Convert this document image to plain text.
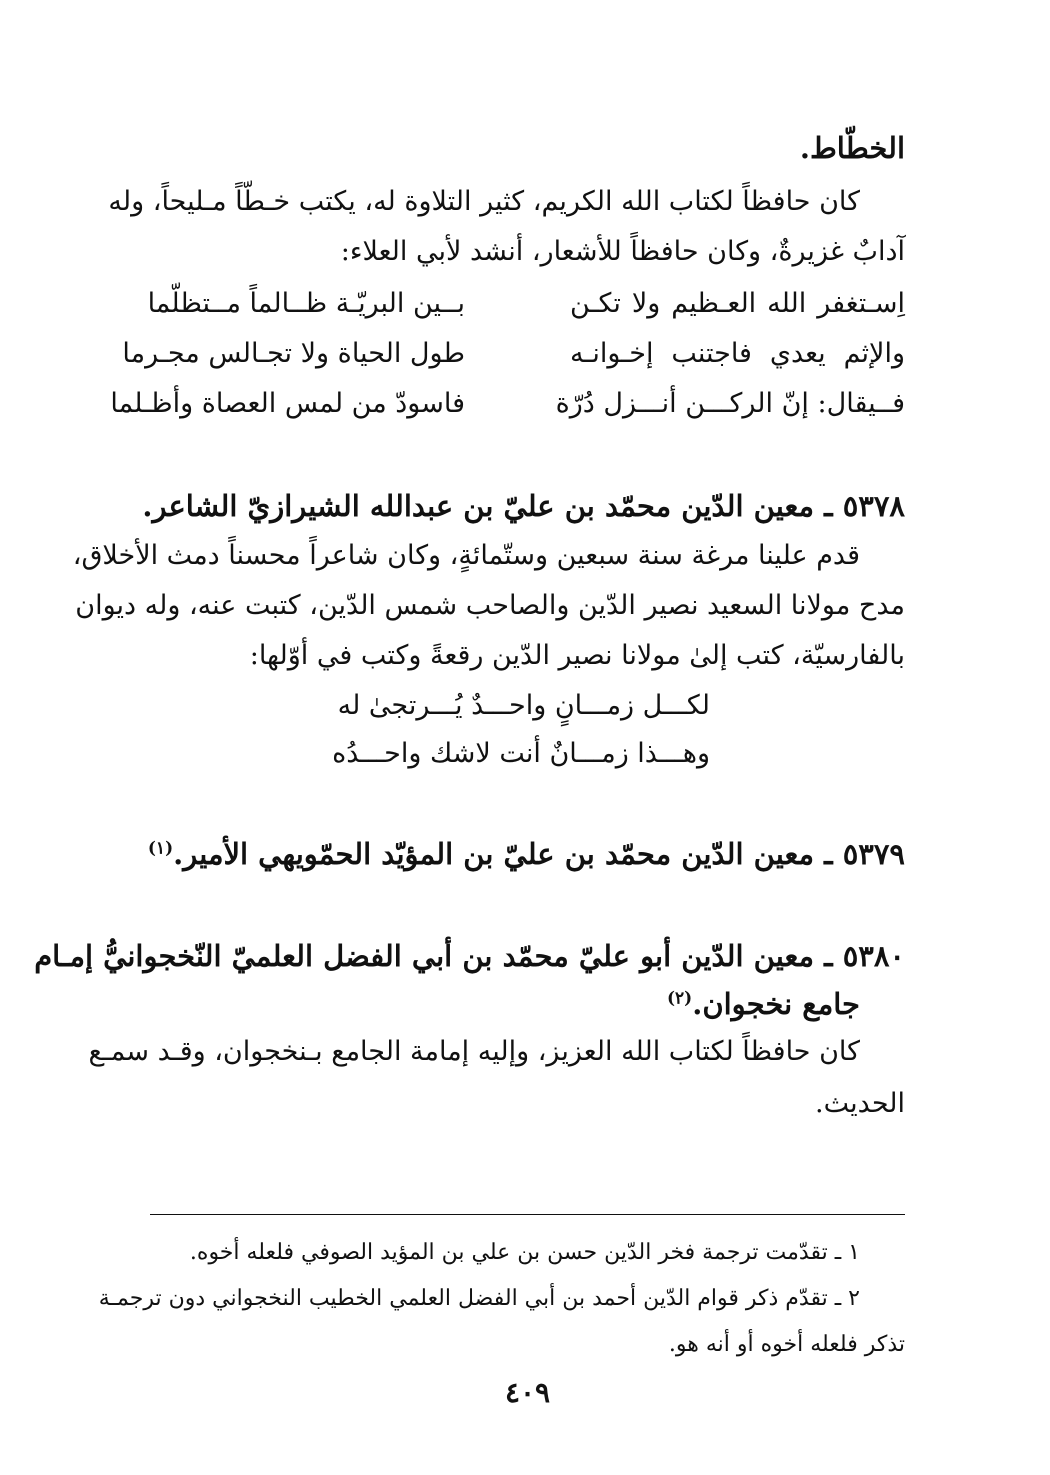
الخطّاط.
كان حافظاً لكتاب الله الكريم، كثير التلاوة له، يكتب خـطّاً مـليحاً، وله
آدابٌ غزيرةٌ، وكان حافظاً للأشعار، أنشد لأبي العلاء:
اِسـتغفر الله العـظيم ولا تكـن
بــين البريّـة ظــالماً مــتظلّما
والإثم يعدي فاجتنب إخـوانـه
طول الحياة ولا تجـالس مجـرما
فــيقال: إنّ الركـــن أنـــزل دُرّة
فاسودّ من لمس العصاة وأظـلما
٥٣٧٨ ـ معين الدّين محمّد بن عليّ بن عبدالله الشيرازيّ الشاعر.
قدم علينا مرغة سنة سبعين وستّمائةٍ، وكان شاعراً محسناً دمث الأخلاق،
مدح مولانا السعيد نصير الدّين والصاحب شمس الدّين، كتبت عنه، وله ديوان
بالفارسيّة، كتب إلىٰ مولانا نصير الدّين رقعةً وكتب في أوّلها:
لكـــل زمـــانٍ واحـــدٌ يُـــرتجىٰ له
وهـــذا زمـــانٌ أنت لاشك واحـــدُه
٥٣٧٩ ـ معين الدّين محمّد بن عليّ بن المؤيّد الحمّويهي الأمير.$^{(١)}$
٥٣٨٠ ـ معين الدّين أبو عليّ محمّد بن أبي الفضل العلميّ النّخجوانيُّ إمـام
جامع نخجوان.$^{(٢)}$
كان حافظاً لكتاب الله العزيز، وإليه إمامة الجامع بـنخجوان، وقـد سمـع
الحديث.
١ ـ تقدّمت ترجمة فخر الدّين حسن بن علي بن المؤيد الصوفي فلعله أخوه.
٢ ـ تقدّم ذكر قوام الدّين أحمد بن أبي الفضل العلمي الخطيب النخجواني دون ترجمـة
تذكر فلعله أخوه أو أنه هو.
٤٠٩
